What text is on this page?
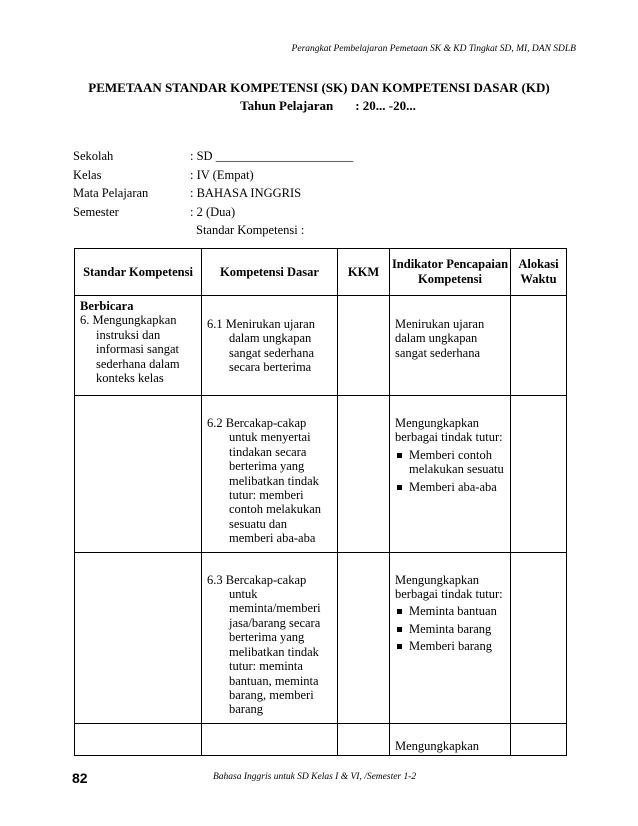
Perangkat Pembelajaran Pemetaan SK & KD Tingkat SD, MI, DAN SDLB
PEMETAAN STANDAR KOMPETENSI (SK) DAN KOMPETENSI DASAR (KD)
Tahun Pelajaran : 20... -20...
Sekolah	: SD ______________________
Kelas	: IV (Empat)
Mata Pelajaran	: BAHASA INGGRIS
Semester	: 2 (Dua)
Standar Kompetensi :
Standar Kompetensi	Kompetensi Dasar	KKM	Indikator Pencapaian Kompetensi	Alokasi Waktu

Berbicara
6. Mengungkapkan instruksi dan informasi sangat sederhana dalam konteks kelas	6.1 Menirukan ujaran dalam ungkapan sangat sederhana secara berterima		Menirukan ujaran dalam ungkapan sangat sederhana	

	6.2 Bercakap-cakap untuk menyertai tindakan secara berterima yang melibatkan tindak tutur: memberi contoh melakukan sesuatu dan memberi aba-aba		Mengungkapkan berbagai tindak tutur:
Memberi contoh melakukan sesuatu
Memberi aba-aba	

	6.3 Bercakap-cakap untuk meminta/memberi jasa/barang secara berterima yang melibatkan tindak tutur: meminta bantuan, meminta barang, memberi barang		Mengungkapkan berbagai tindak tutur:
Meminta bantuan
Meminta barang
Memberi barang	

			Mengungkapkan	

82	Bahasa Inggris untuk SD Kelas I & VI, /Semester 1-2
